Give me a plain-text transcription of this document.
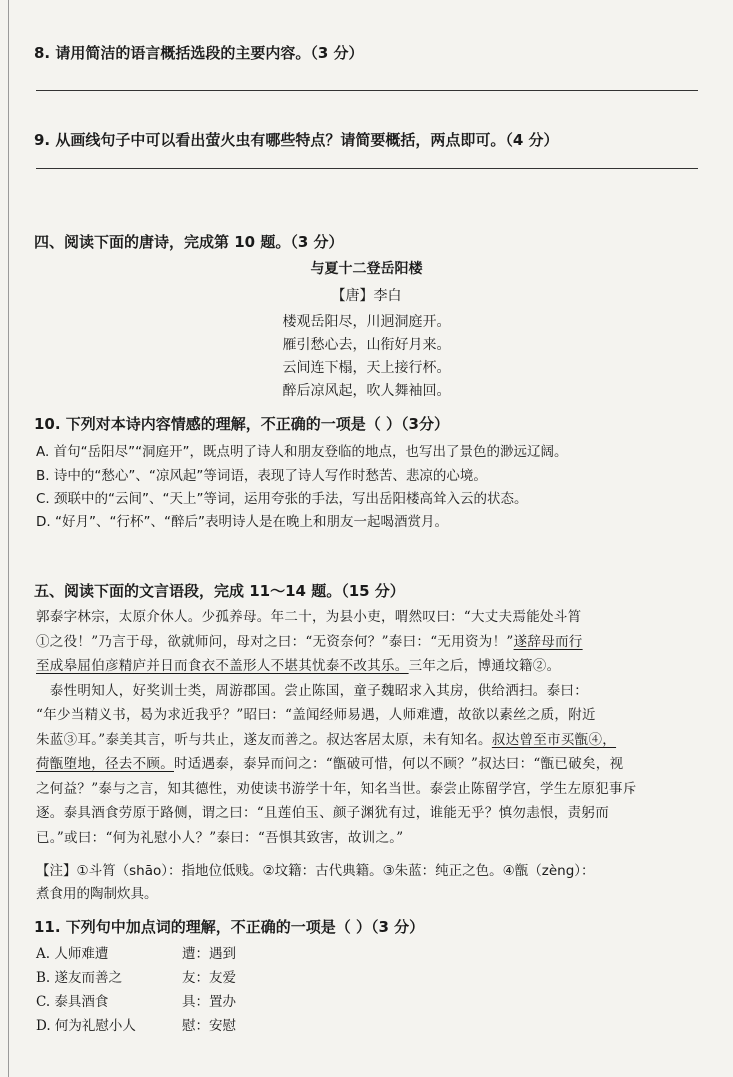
8. 请用简洁的语言概括选段的主要内容。（3 分）
9. 从画线句子中可以看出萤火虫有哪些特点？请简要概括，两点即可。（4 分）
四、阅读下面的唐诗，完成第 10 题。（3 分）
与夏十二登岳阳楼
【唐】李白
楼观岳阳尽，川迥洞庭开。
雁引愁心去，山衔好月来。
云间连下榻，天上接行杯。
醉后凉风起，吹人舞袖回。
10. 下列对本诗内容情感的理解，不正确的一项是（ ）（3分）
A. 首句“岳阳尽”“洞庭开”，既点明了诗人和朋友登临的地点，也写出了景色的渺远辽阔。
B. 诗中的“愁心”、“凉风起”等词语，表现了诗人写作时愁苦、悲凉的心境。
C. 颈联中的“云间”、“天上”等词，运用夸张的手法，写出岳阳楼高耸入云的状态。
D. “好月”、“行杯”、“醉后”表明诗人是在晚上和朋友一起喝酒赏月。
五、阅读下面的文言语段，完成 11～14 题。（15 分）
郭泰字林宗，太原介休人。少孤养母。年二十，为县小吏，喟然叹曰：“大丈夫焉能处斗筲
①之役！”乃言于母，欲就师问，母对之曰：“无资奈何？”泰曰：“无用资为！”遂辞母而行
至成皋屈伯彦精庐并日而食衣不盖形人不堪其忧泰不改其乐。三年之后，博通坟籍②。
　泰性明知人，好奖训士类，周游郡国。尝止陈国，童子魏昭求入其房，供给洒扫。泰曰：
“年少当精义书，曷为求近我乎？”昭曰：“盖闻经师易遇，人师难遭，故欲以素丝之质，附近
朱蓝③耳。”泰美其言，听与共止，遂友而善之。叔达客居太原，未有知名。叔达曾至市买甑④，
荷甑堕地，径去不顾。时适遇泰，泰异而问之：“甑破可惜，何以不顾？”叔达曰：“甑已破矣，视
之何益？”泰与之言，知其德性，劝使读书游学十年，知名当世。泰尝止陈留学宫，学生左原犯事斥
逐。泰具酒食劳原于路侧，谓之曰：“且莲伯玉、颜子渊犹有过，谁能无乎？慎勿恚恨，责躬而
已。”或曰：“何为礼慰小人？”泰曰：“吾惧其致害，故训之。”
【注】①斗筲（shāo）：指地位低贱。②坟籍：古代典籍。③朱蓝：纯正之色。④甑（zèng）：
煮食用的陶制炊具。
11. 下列句中加点词的理解，不正确的一项是（ ）（3 分）
A. 人师难遭	遭：遇到
B. 遂友而善之	友：友爱
C. 泰具酒食	具：置办
D. 何为礼慰小人	慰：安慰
